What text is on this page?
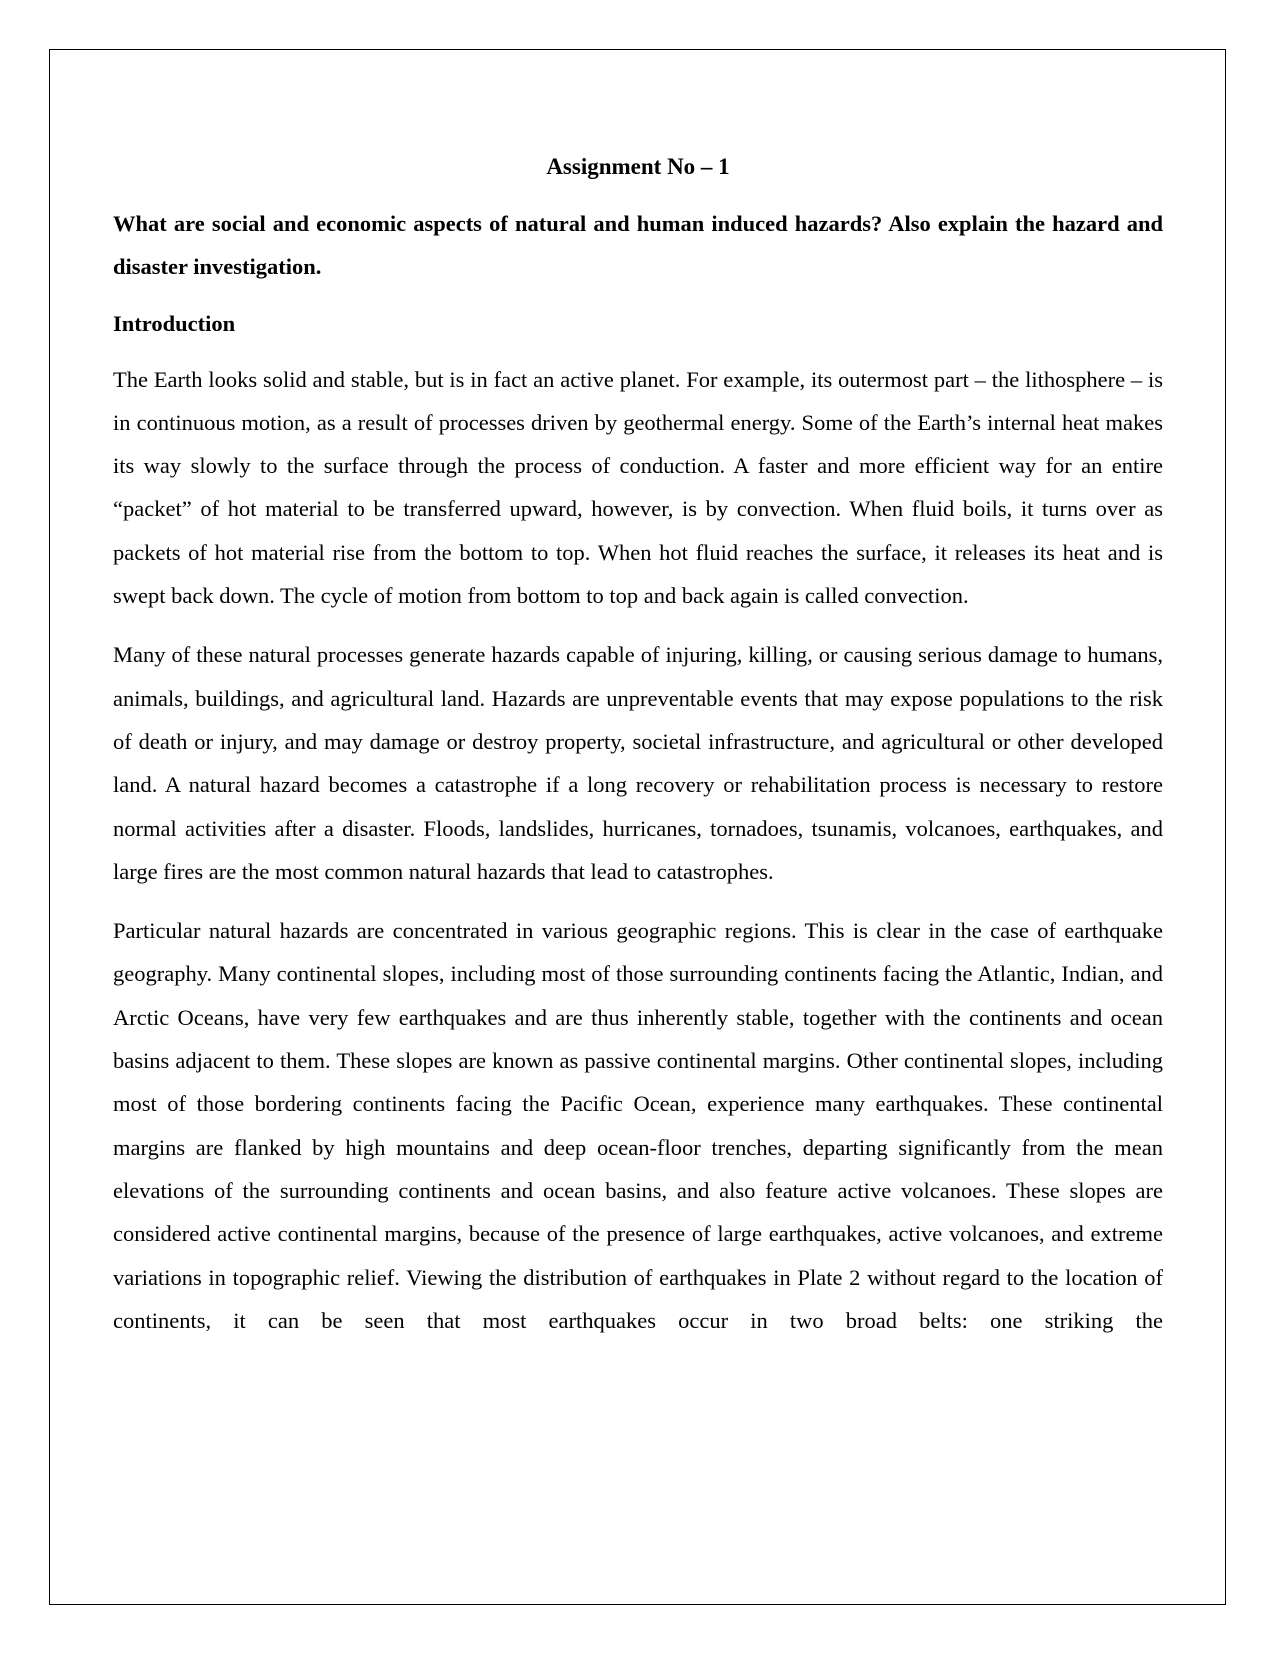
Assignment No – 1

What are social and economic aspects of natural and human induced hazards? Also explain the hazard and disaster investigation.

Introduction

The Earth looks solid and stable, but is in fact an active planet. For example, its outermost part – the lithosphere – is in continuous motion, as a result of processes driven by geothermal energy. Some of the Earth’s internal heat makes its way slowly to the surface through the process of conduction. A faster and more efficient way for an entire “packet” of hot material to be transferred upward, however, is by convection. When fluid boils, it turns over as packets of hot material rise from the bottom to top. When hot fluid reaches the surface, it releases its heat and is swept back down. The cycle of motion from bottom to top and back again is called convection.

Many of these natural processes generate hazards capable of injuring, killing, or causing serious damage to humans, animals, buildings, and agricultural land. Hazards are unpreventable events that may expose populations to the risk of death or injury, and may damage or destroy property, societal infrastructure, and agricultural or other developed land. A natural hazard becomes a catastrophe if a long recovery or rehabilitation process is necessary to restore normal activities after a disaster. Floods, landslides, hurricanes, tornadoes, tsunamis, volcanoes, earthquakes, and large fires are the most common natural hazards that lead to catastrophes.

Particular natural hazards are concentrated in various geographic regions. This is clear in the case of earthquake geography. Many continental slopes, including most of those surrounding continents facing the Atlantic, Indian, and Arctic Oceans, have very few earthquakes and are thus inherently stable, together with the continents and ocean basins adjacent to them. These slopes are known as passive continental margins. Other continental slopes, including most of those bordering continents facing the Pacific Ocean, experience many earthquakes. These continental margins are flanked by high mountains and deep ocean-floor trenches, departing significantly from the mean elevations of the surrounding continents and ocean basins, and also feature active volcanoes. These slopes are considered active continental margins, because of the presence of large earthquakes, active volcanoes, and extreme variations in topographic relief. Viewing the distribution of earthquakes in Plate 2 without regard to the location of continents, it can be seen that most earthquakes occur in two broad belts: one striking the
